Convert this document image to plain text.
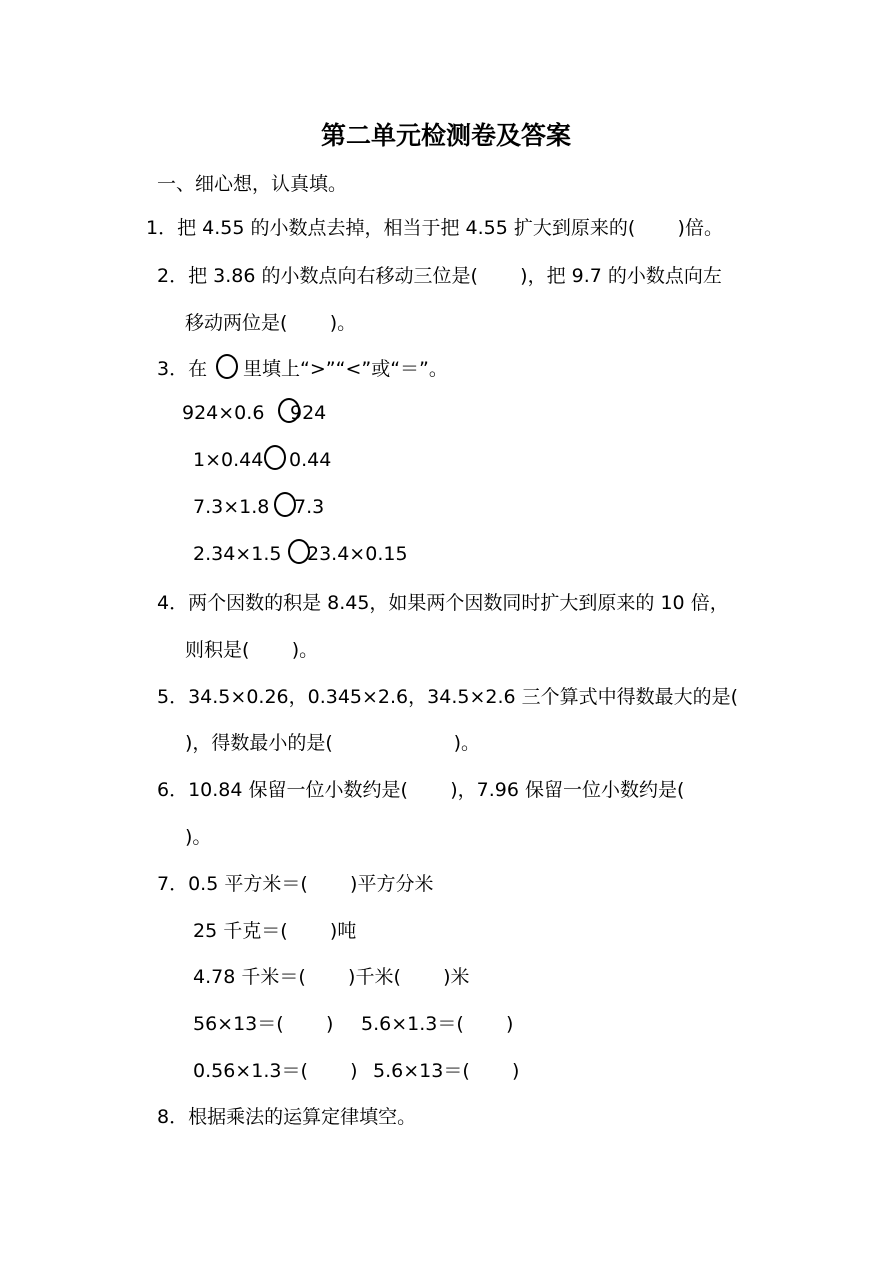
第二单元检测卷及答案
一、细心想，认真填。
1．把 4.55 的小数点去掉，相当于把 4.55 扩大到原来的(       )倍。
2．把 3.86 的小数点向右移动三位是(       )，把 9.7 的小数点向左
移动两位是(       )。
3．在 里填上“>”“<”或“＝”。
924×0.6 924
1×0.44 0.44
7.3×1.8 7.3
2.34×1.5 23.4×0.15
4．两个因数的积是 8.45，如果两个因数同时扩大到原来的 10 倍，
则积是(       )。
5．34.5×0.26，0.345×2.6，34.5×2.6 三个算式中得数最大的是(
)，得数最小的是(                    )。
6．10.84 保留一位小数约是(       )，7.96 保留一位小数约是(
)。
7．0.5 平方米＝(       )平方分米
25 千克＝(       )吨
4.78 千米＝(       )千米(       )米
56×13＝(       ) 5.6×1.3＝(       )
0.56×1.3＝(       ) 5.6×13＝(       )
8．根据乘法的运算定律填空。
